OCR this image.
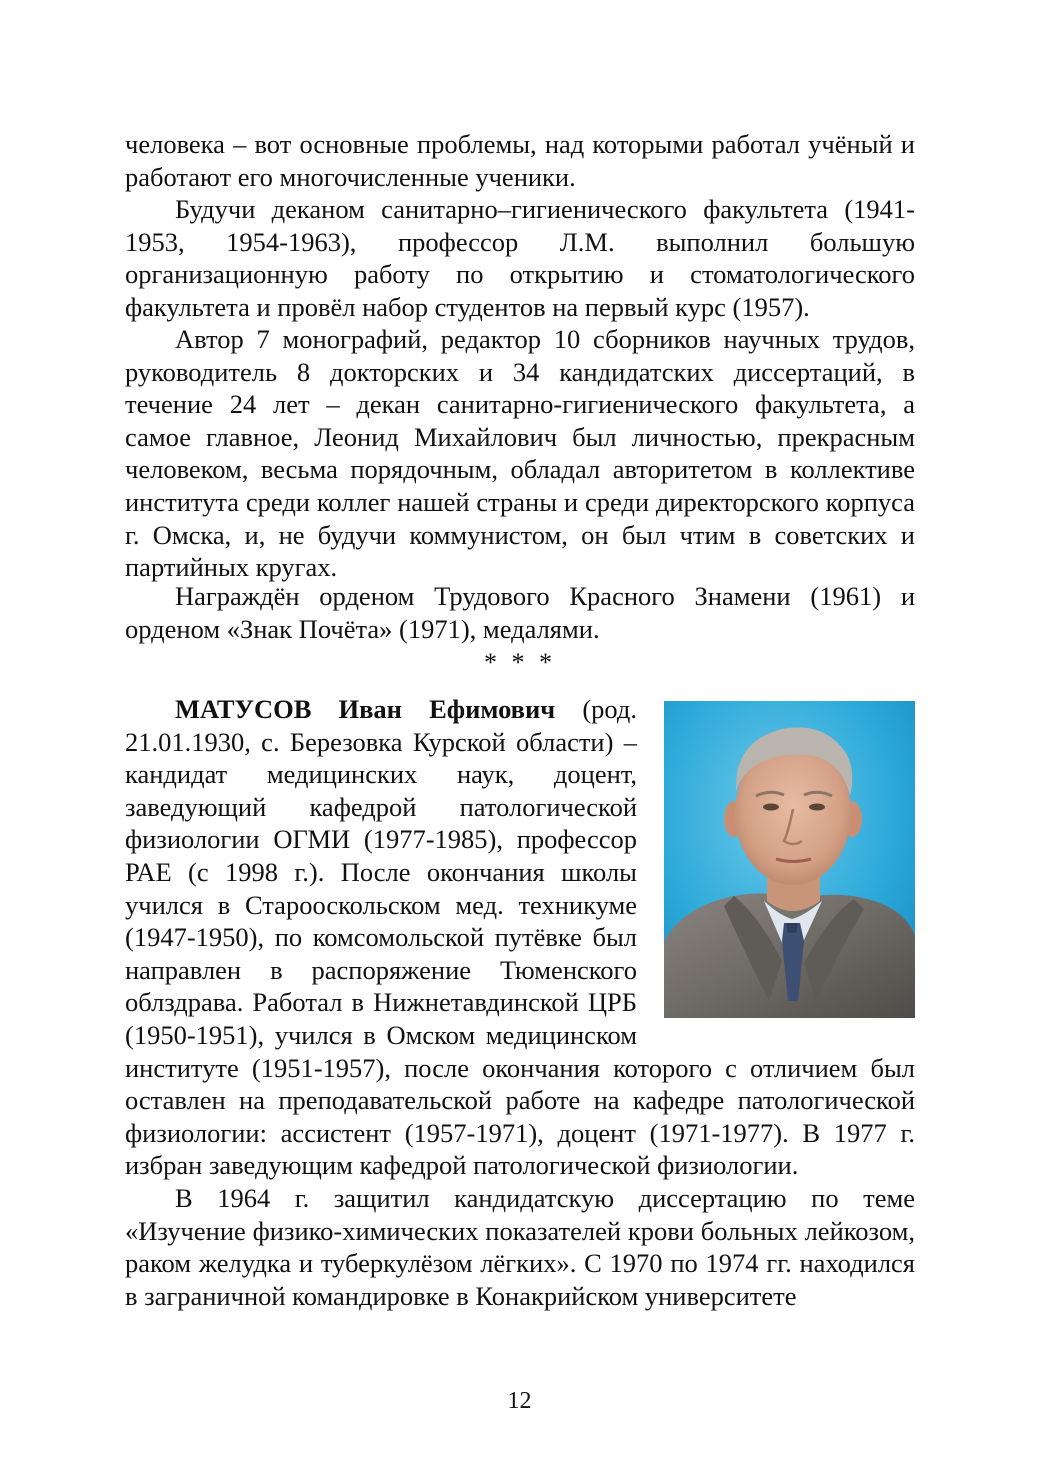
человека – вот основные проблемы, над которыми работал учёный и работают его многочисленные ученики.

Будучи деканом санитарно–гигиенического факультета (1941-1953, 1954-1963), профессор Л.М. выполнил большую организационную работу по открытию и стоматологического факультета и провёл набор студентов на первый курс (1957).

Автор 7 монографий, редактор 10 сборников научных трудов, руководитель 8 докторских и 34 кандидатских диссертаций, в течение 24 лет – декан санитарно-гигиенического факультета, а самое главное, Леонид Михайлович был личностью, прекрасным человеком, весьма порядочным, обладал авторитетом в коллективе института среди коллег нашей страны и среди директорского корпуса г. Омска, и, не будучи коммунистом, он был чтим в советских и партийных кругах.

Награждён орденом Трудового Красного Знамени (1961) и орденом «Знак Почёта» (1971), медалями.

* * *

МАТУСОВ Иван Ефимович (род. 21.01.1930, с. Березовка Курской области) – кандидат медицинских наук, доцент, заведующий кафедрой патологической физиологии ОГМИ (1977-1985), профессор РАЕ (с 1998 г.). После окончания школы учился в Старооскольском мед. техникуме (1947-1950), по комсомольской путёвке был направлен в распоряжение Тюменского облздрава. Работал в Нижнетавдинской ЦРБ (1950-1951), учился в Омском медицинском институте (1951-1957), после окончания которого с отличием был оставлен на преподавательской работе на кафедре патологической физиологии: ассистент (1957-1971), доцент (1971-1977). В 1977 г. избран заведующим кафедрой патологической физиологии.

В 1964 г. защитил кандидатскую диссертацию по теме «Изучение физико-химических показателей крови больных лейкозом, раком желудка и туберкулёзом лёгких». С 1970 по 1974 гг. находился в заграничной командировке в Конакрийском университете

12
